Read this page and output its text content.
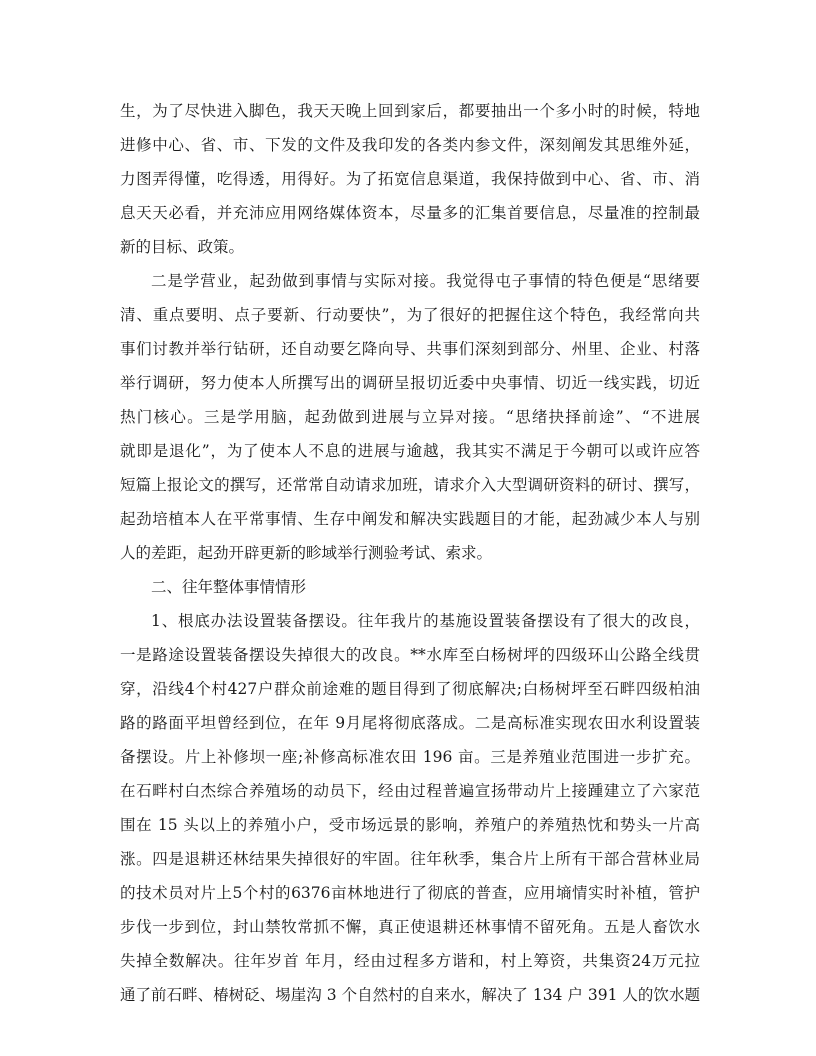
生，为了尽快进入脚色，我天天晚上回到家后，都要抽出一个多小时的时候，特地
进修中心、省、市、下发的文件及我印发的各类内参文件，深刻阐发其思维外延，
力图弄得懂，吃得透，用得好。为了拓宽信息渠道，我保持做到中心、省、市、消
息天天必看，并充沛应用网络媒体资本，尽量多的汇集首要信息，尽量准的控制最
新的目标、政策。
二是学营业，起劲做到事情与实际对接。我觉得屯子事情的特色便是“思绪要
清、重点要明、点子要新、行动要快”，为了很好的把握住这个特色，我经常向共
事们讨教并举行钻研，还自动要乞降向导、共事们深刻到部分、州里、企业、村落
举行调研，努力使本人所撰写出的调研呈报切近委中央事情、切近一线实践，切近
热门核心。三是学用脑，起劲做到进展与立异对接。“思绪抉择前途”、“不进展
就即是退化”，为了使本人不息的进展与逾越，我其实不满足于今朝可以或许应答
短篇上报论文的撰写，还常常自动请求加班，请求介入大型调研资料的研讨、撰写，
起劲培植本人在平常事情、生存中阐发和解决实践题目的才能，起劲减少本人与别
人的差距，起劲开辟更新的畛域举行测验考试、索求。
二、往年整体事情情形
1、根底办法设置装备摆设。往年我片的基施设置装备摆设有了很大的改良，
一是路途设置装备摆设失掉很大的改良。**水库至白杨树坪的四级环山公路全线贯
穿，沿线4个村427户群众前途难的题目得到了彻底解决;白杨树坪至石畔四级柏油
路的路面平坦曾经到位，在年 9月尾将彻底落成。二是高标准实现农田水利设置装
备摆设。片上补修坝一座;补修高标准农田 196 亩。三是养殖业范围进一步扩充。
在石畔村白杰综合养殖场的动员下，经由过程普遍宣扬带动片上接踵建立了六家范
围在 15 头以上的养殖小户，受市场远景的影响，养殖户的养殖热忱和势头一片高
涨。四是退耕还林结果失掉很好的牢固。往年秋季，集合片上所有干部合营林业局
的技术员对片上5个村的6376亩林地进行了彻底的普查，应用墒情实时补植，管护
步伐一步到位，封山禁牧常抓不懈，真正使退耕还林事情不留死角。五是人畜饮水
失掉全数解决。往年岁首 年月，经由过程多方谐和，村上筹资，共集资24万元拉
通了前石畔、椿树砭、埸崖沟 3 个自然村的自来水，解决了 134 户 391 人的饮水题
